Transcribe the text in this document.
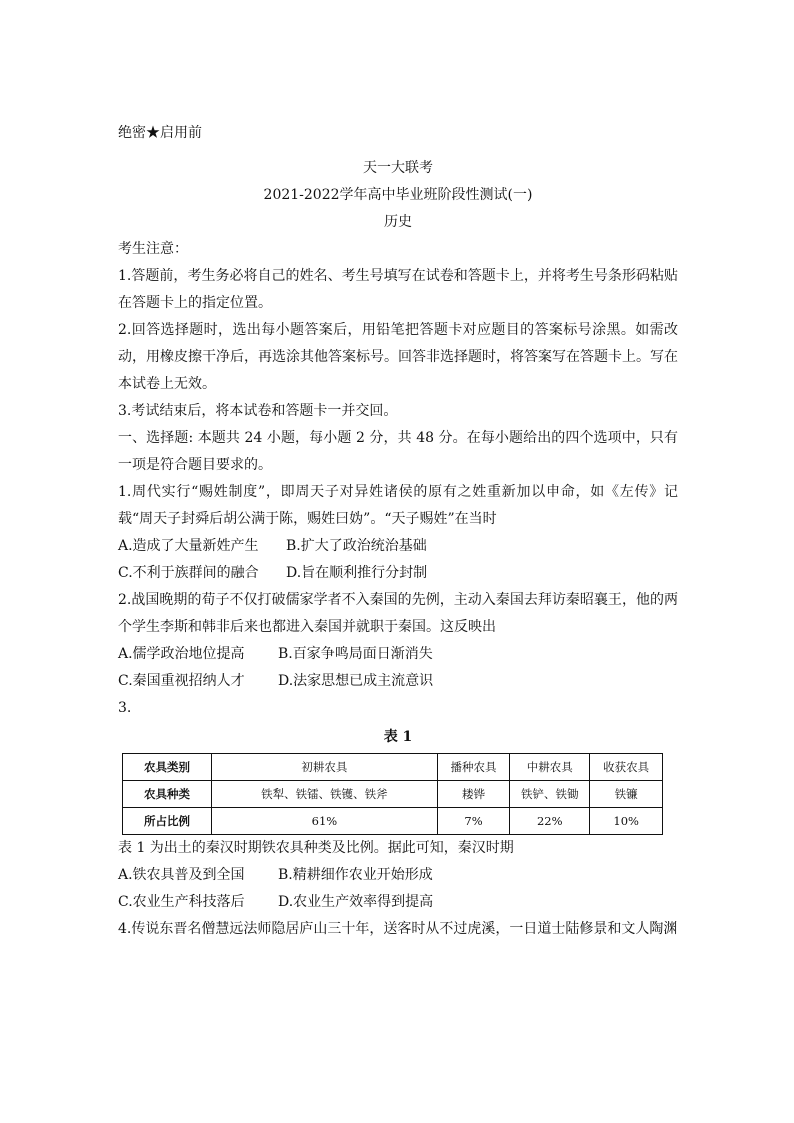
绝密★启用前
天一大联考
2021-2022学年高中毕业班阶段性测试(一)
历史
考生注意：
1.答题前，考生务必将自己的姓名、考生号填写在试卷和答题卡上，并将考生号条形码粘贴在答题卡上的指定位置。
2.回答选择题时，选出每小题答案后，用铅笔把答题卡对应题目的答案标号涂黑。如需改动，用橡皮擦干净后，再选涂其他答案标号。回答非选择题时，将答案写在答题卡上。写在本试卷上无效。
3.考试结束后，将本试卷和答题卡一并交回。
一、选择题: 本题共 24 小题，每小题 2 分，共 48 分。在每小题给出的四个选项中，只有一项是符合题目要求的。
1.周代实行“赐姓制度”，即周天子对异姓诸侯的原有之姓重新加以申命，如《左传》记载“周天子封舜后胡公满于陈，赐姓曰妫”。“天子赐姓”在当时
A.造成了大量新姓产生 B.扩大了政治统治基础
C.不利于族群间的融合 D.旨在顺利推行分封制
2.战国晚期的荀子不仅打破儒家学者不入秦国的先例，主动入秦国去拜访秦昭襄王，他的两个学生李斯和韩非后来也都进入秦国并就职于秦国。这反映出
A.儒学政治地位提高	B.百家争鸣局面日渐消失
C.秦国重视招纳人才	D.法家思想已成主流意识
3.
表 1
农具类别	初耕农具	播种农具	中耕农具	收获农具
农具种类	铁犁、铁镭、铁镬、铁斧	耧铧	铁铲、铁锄	铁镰
所占比例	61%	7%	22%	10%
表 1 为出土的秦汉时期铁农具种类及比例。据此可知，秦汉时期
A.铁农具普及到全国	B.精耕细作农业开始形成
C.农业生产科技落后	D.农业生产效率得到提高
4.传说东晋名僧慧远法师隐居庐山三十年，送客时从不过虎溪，一日道士陆修景和文人陶渊
